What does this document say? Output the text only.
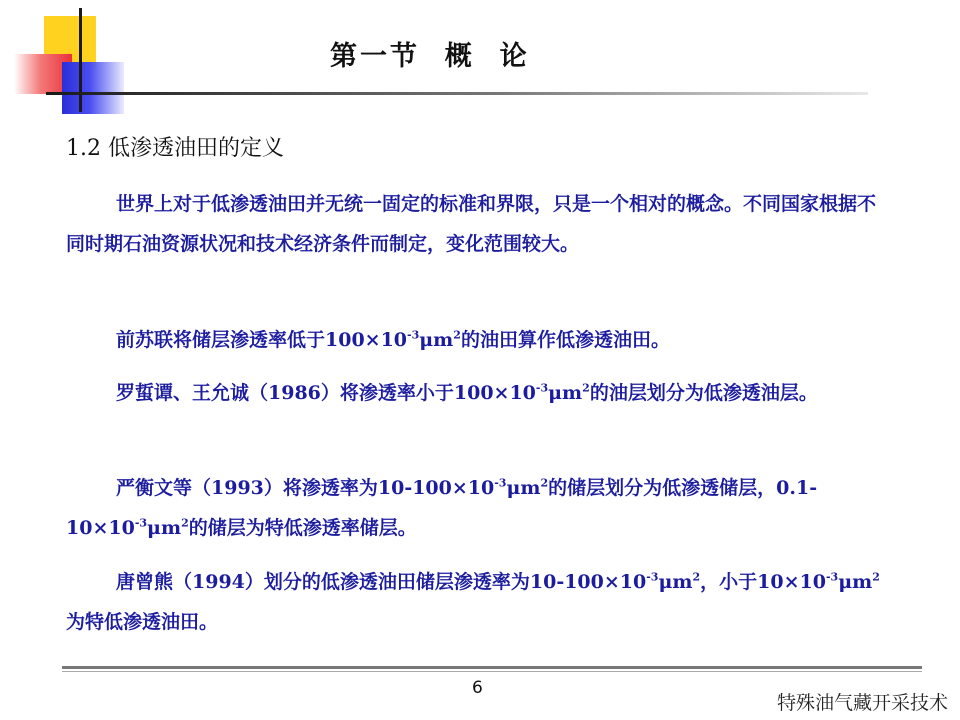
第一节  概  论
1.2 低渗透油田的定义

世界上对于低渗透油田并无统一固定的标准和界限，只是一个相对的概念。不同国家根据不同时期石油资源状况和技术经济条件而制定，变化范围较大。

前苏联将储层渗透率低于$100\times 10^{-3}\mu m^2$的油田算作低渗透油田。

罗蜇谭、王允诚（1986）将渗透率小于$100\times 10^{-3}\mu m^2$的油层划分为低渗透油层。

严衡文等（1993）将渗透率为$10-100\times 10^{-3}\mu m^2$的储层划分为低渗透储层，$0.1-10\times 10^{-3}\mu m^2$的储层为特低渗透率储层。

唐曾熊（1994）划分的低渗透油田储层渗透率为$10-100\times 10^{-3}\mu m^2$，小于$10\times 10^{-3}\mu m^2$为特低渗透油田。

6
特殊油气藏开采技术
